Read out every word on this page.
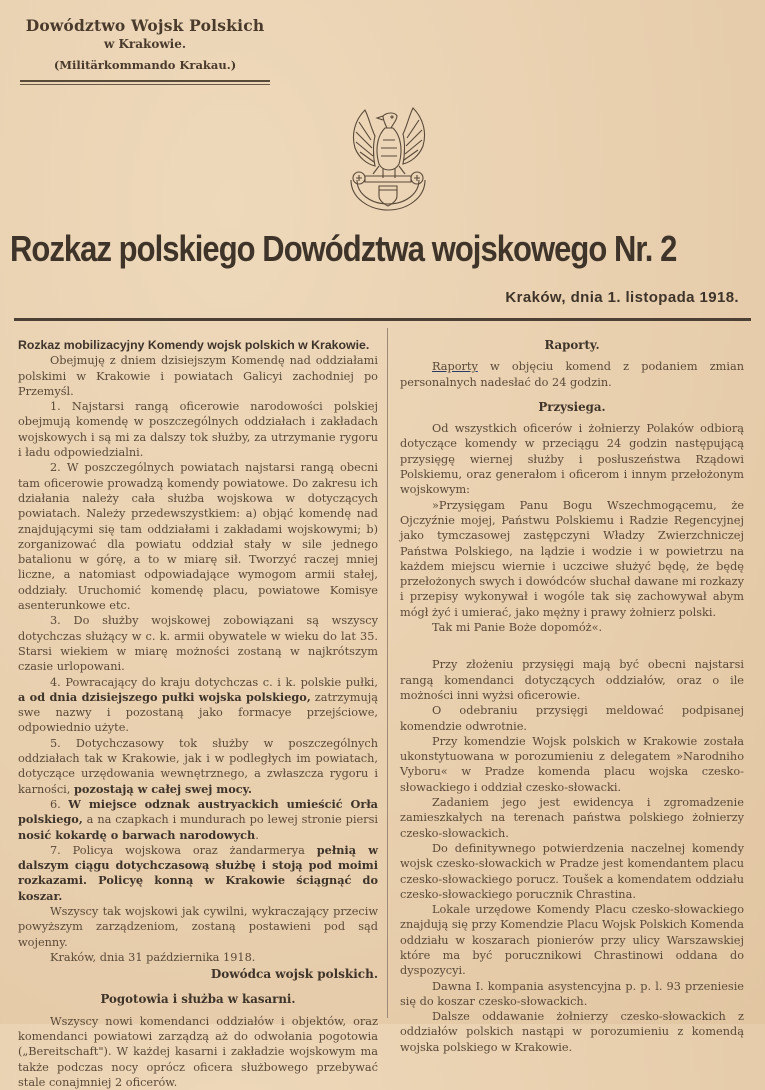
Dowództwo Wojsk Polskich
w Krakowie.
(Militärkommando Krakau.)
Rozkaz polskiego Dowództwa wojskowego Nr. 2
Kraków, dnia 1. listopada 1918.

Rozkaz mobilizacyjny Komendy wojsk polskich w Krakowie.

Obejmuję z dniem dzisiejszym Komendę nad oddziałami polskimi w Krakowie i powiatach Galicyi zachodniej po Przemyśl.

1. Najstarsi rangą oficerowie narodowości polskiej obejmują komendę w poszczególnych oddziałach i zakładach wojskowych i są mi za dalszy tok służby, za utrzymanie rygoru i ładu odpowiedzialni.

2. W poszczególnych powiatach najstarsi rangą obecni tam oficerowie prowadzą komendy powiatowe. Do zakresu ich działania należy cała służba wojskowa w dotyczących powiatach. Należy przedewszystkiem: a) objąć komendę nad znajdującymi się tam oddziałami i zakładami wojskowymi; b) zorganizować dla powiatu oddział stały w sile jednego batalionu w górę, a to w miarę sił. Tworzyć raczej mniej liczne, a natomiast odpowiadające wymogom armii stałej, oddziały. Uruchomić komendę placu, powiatowe Komisye asenterunkowe etc.

3. Do służby wojskowej zobowiązani są wszyscy dotychczas służący w c. k. armii obywatele w wieku do lat 35. Starsi wiekiem w miarę możności zostaną w najkrótszym czasie urlopowani.

4. Powracający do kraju dotychczas c. i k. polskie pułki, a od dnia dzisiejszego pułki wojska polskiego, zatrzymują swe nazwy i pozostaną jako formacye przejściowe, odpowiednio użyte.

5. Dotychczasowy tok służby w poszczególnych oddziałach tak w Krakowie, jak i w podległych im powiatach, dotyczące urzędowania wewnętrznego, a zwłaszcza rygoru i karności, pozostają w całej swej mocy.

6. W miejsce odznak austryackich umieścić Orła polskiego, a na czapkach i mundurach po lewej stronie piersi nosić kokardę o barwach narodowych.

7. Policya wojskowa oraz żandarmerya pełnią w dalszym ciągu dotychczasową służbę i stoją pod moimi rozkazami. Policyę konną w Krakowie ściągnąć do koszar.

Wszyscy tak wojskowi jak cywilni, wykraczający przeciw powyższym zarządzeniom, zostaną postawieni pod sąd wojenny.

Kraków, dnia 31 października 1918.

Dowódca wojsk polskich.

Pogotowia i służba w kasarni.

Wszyscy nowi komendanci oddziałów i objektów, oraz komendanci powiatowi zarządzą aż do odwołania pogotowia („Bereitschaft"). W każdej kasarni i zakładzie wojskowym ma także podczas nocy oprócz oficera służbowego przebywać stale conajmniej 2 oficerów.

Raporty.

Raporty w objęciu komend z podaniem zmian personalnych nadesłać do 24 godzin.

Przysiega.

Od wszystkich oficerów i żołnierzy Polaków odbiorą dotyczące komendy w przeciągu 24 godzin następującą przysięgę wiernej służby i posłuszeństwa Rządowi Polskiemu, oraz generałom i oficerom i innym przełożonym wojskowym:

»Przysięgam Panu Bogu Wszechmogącemu, że Ojczyźnie mojej, Państwu Polskiemu i Radzie Regencyjnej jako tymczasowej zastępczyni Władzy Zwierzchniczej Państwa Polskiego, na lądzie i wodzie i w powietrzu na każdem miejscu wiernie i uczciwe służyć będę, że będę przełożonych swych i dowódców słuchał dawane mi rozkazy i przepisy wykonywał i wogóle tak się zachowywał abym mógł żyć i umierać, jako mężny i prawy żołnierz polski.

Tak mi Panie Boże dopomóż«.

Przy złożeniu przysięgi mają być obecni najstarsi rangą komendanci dotyczących oddziałów, oraz o ile możności inni wyżsi oficerowie.

O odebraniu przysięgi meldować podpisanej komendzie odwrotnie.

Przy komendzie Wojsk polskich w Krakowie została ukonstytuowana w porozumieniu z delegatem »Narodniho Vyboru« w Pradze komenda placu wojska czesko-słowackiego i oddział czesko-słowacki.

Zadaniem jego jest ewidencya i zgromadzenie zamieszkałych na terenach państwa polskiego żołnierzy czesko-słowackich.

Do definitywnego potwierdzenia naczelnej komendy wojsk czesko-słowackich w Pradze jest komendantem placu czesko-słowackiego porucz. Toušek a komendatem oddziału czesko-słowackiego porucznik Chrastina.

Lokale urzędowe Komendy Placu czesko-słowackiego znajdują się przy Komendzie Placu Wojsk Polskich Komenda oddziału w koszarach pionierów przy ulicy Warszawskiej które ma być porucznikowi Chrastinowi oddana do dyspozycyi.

Dawna I. kompania asystencyjna p. p. l. 93 przeniesie się do koszar czesko-słowackich.

Dalsze oddawanie żołnierzy czesko-słowackich z oddziałów polskich nastąpi w porozumieniu z komendą wojska polskiego w Krakowie.
